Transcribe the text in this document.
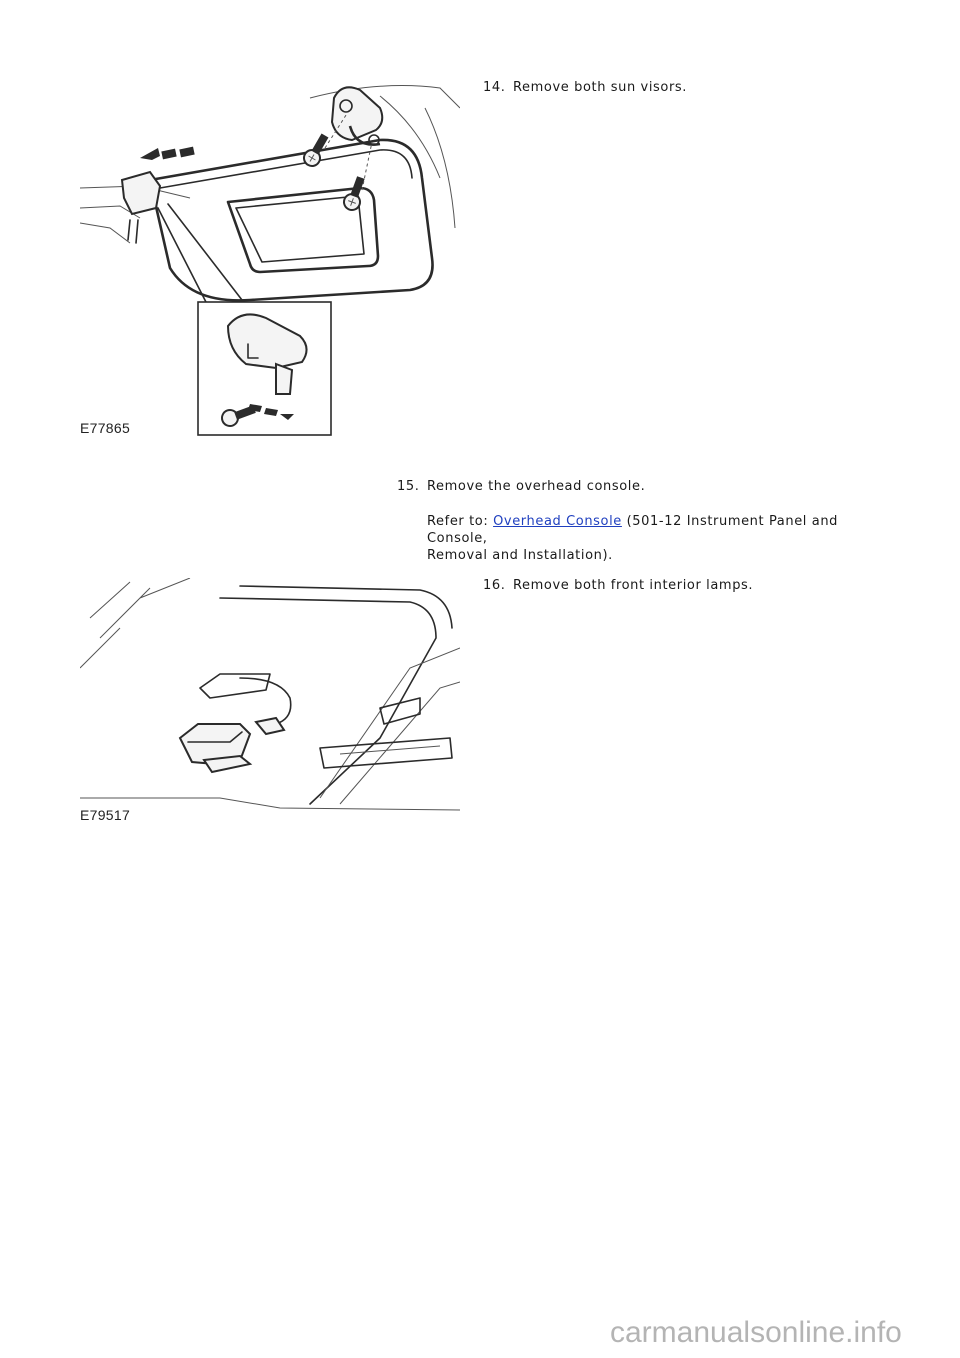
14. Remove both sun visors.
E77865
15. Remove the overhead console.
Refer to: Overhead Console (501-12 Instrument Panel and Console,
Removal and Installation).
16. Remove both front interior lamps.
E79517
carmanualsonline.info
